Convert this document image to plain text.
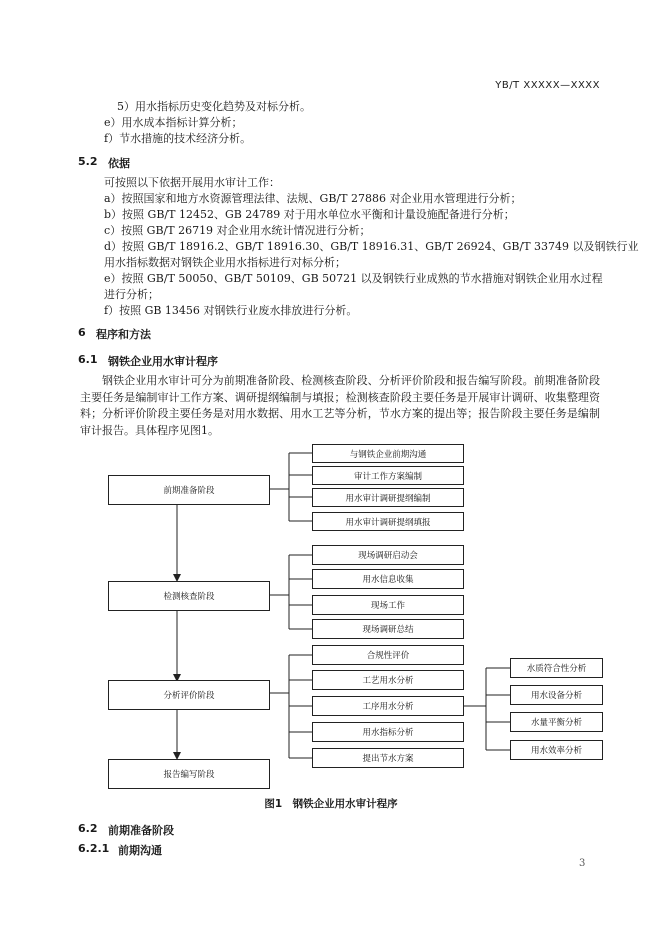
YB/T XXXXX—XXXX
5）用水指标历史变化趋势及对标分析。
e）用水成本指标计算分析；
f）节水措施的技术经济分析。
5.2 依据
可按照以下依据开展用水审计工作：
a）按照国家和地方水资源管理法律、法规、GB/T 27886 对企业用水管理进行分析；
b）按照 GB/T 12452、GB 24789 对于用水单位水平衡和计量设施配备进行分析；
c）按照 GB/T 26719 对企业用水统计情况进行分析；
d）按照 GB/T 18916.2、GB/T 18916.30、GB/T 18916.31、GB/T 26924、GB/T 33749 以及钢铁行业
用水指标数据对钢铁企业用水指标进行对标分析；
e）按照 GB/T 50050、GB/T 50109、GB 50721 以及钢铁行业成熟的节水措施对钢铁企业用水过程
进行分析；
f）按照 GB 13456 对钢铁行业废水排放进行分析。
6 程序和方法
6.1 钢铁企业用水审计程序
钢铁企业用水审计可分为前期准备阶段、检测核查阶段、分析评价阶段和报告编写阶段。前期准备阶段主要任务是编制审计工作方案、调研提纲编制与填报；检测核查阶段主要任务是开展审计调研、收集整理资料；分析评价阶段主要任务是对用水数据、用水工艺等分析，节水方案的提出等；报告阶段主要任务是编制审计报告。具体程序见图1。
前期准备阶段
检测核查阶段
分析评价阶段
报告编写阶段
与钢铁企业前期沟通
审计工作方案编制
用水审计调研提纲编制
用水审计调研提纲填报
现场调研启动会
用水信息收集
现场工作
现场调研总结
合规性评价
工艺用水分析
工序用水分析
用水指标分析
提出节水方案
水质符合性分析
用水设备分析
水量平衡分析
用水效率分析
图1　钢铁企业用水审计程序
6.2 前期准备阶段
6.2.1 前期沟通
3
